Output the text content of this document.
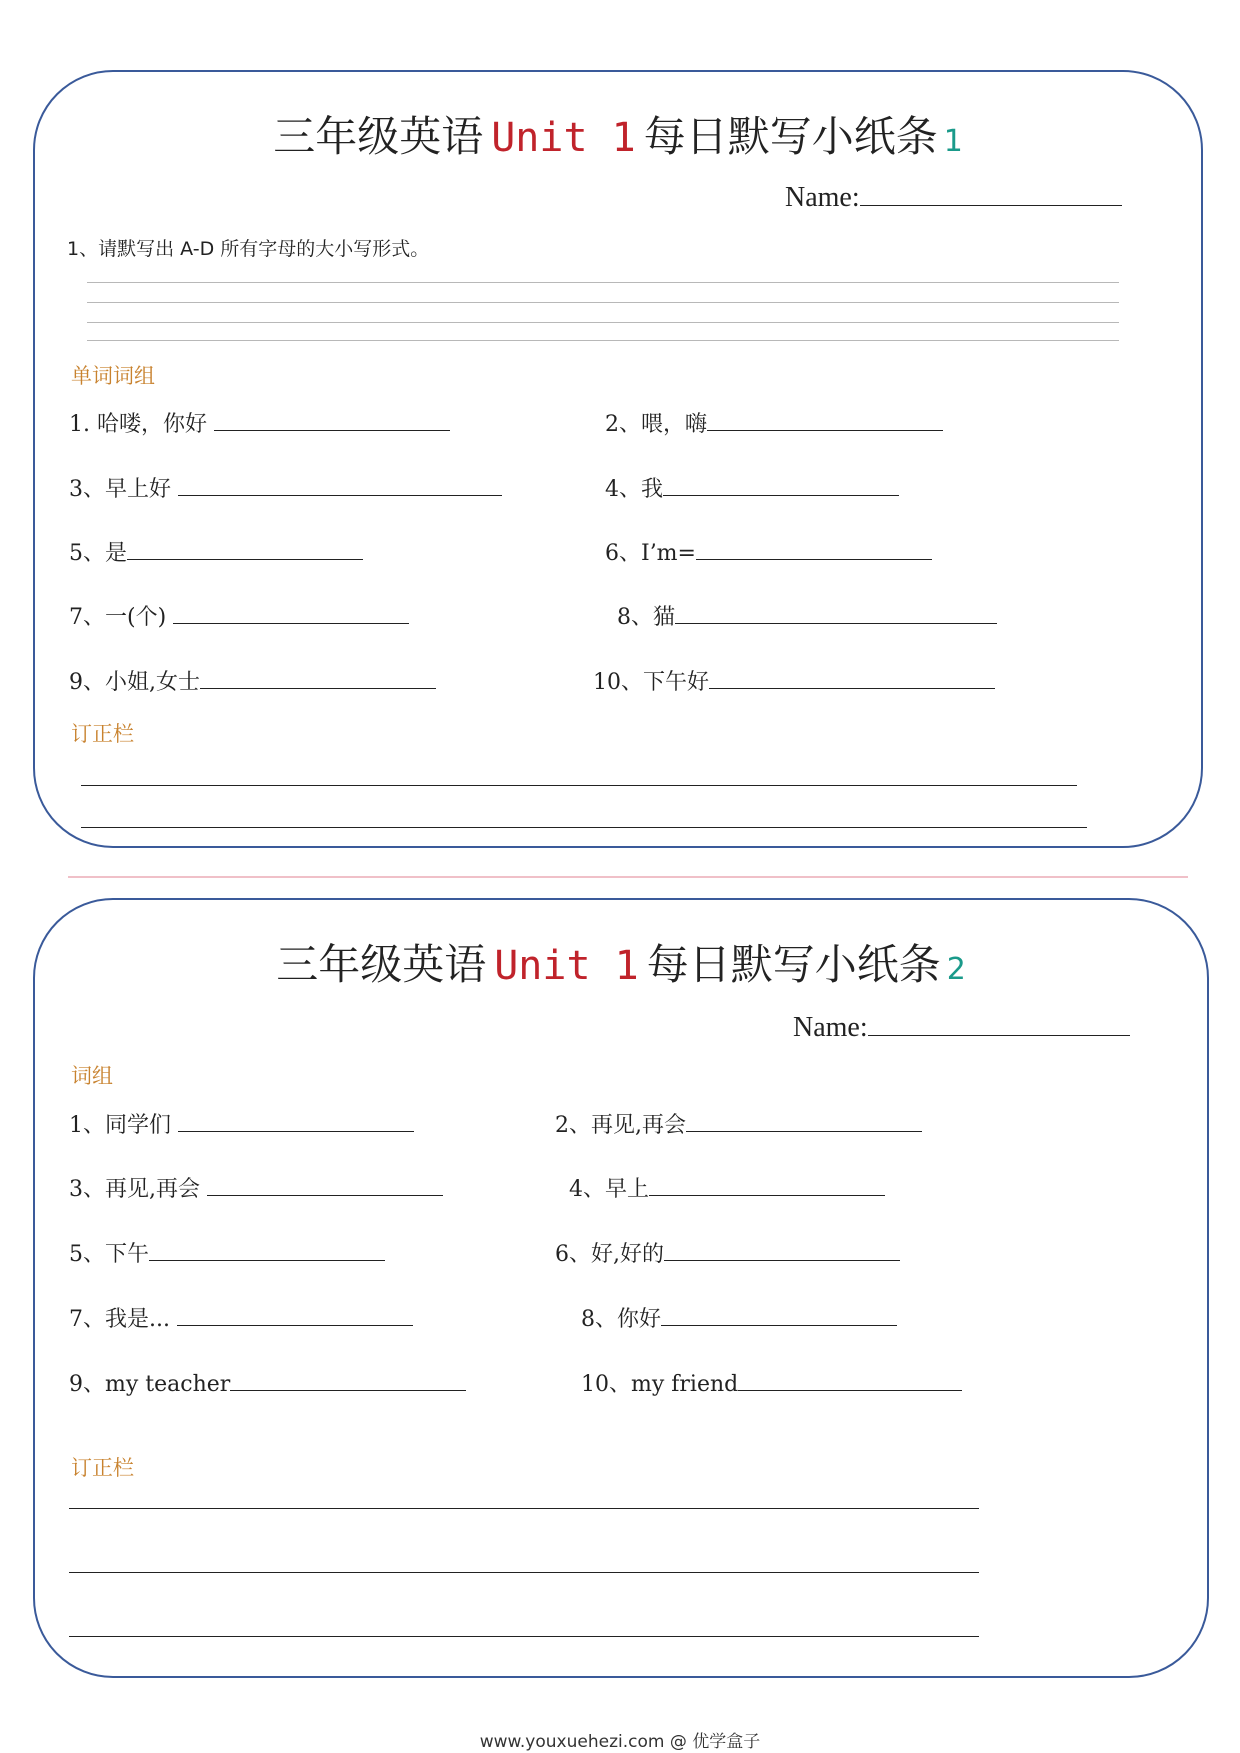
三年级英语 Unit 1 每日默写小纸条 1
Name:
1、请默写出 A-D 所有字母的大小写形式。
单词词组
1. 哈喽，你好	2、喂，嗨
3、早上好	4、我
5、是	6、I’m=
7、一(个)	8、猫
9、小姐,女士	10、下午好
订正栏
三年级英语 Unit 1 每日默写小纸条 2
Name:
词组
1、同学们	2、再见,再会
3、再见,再会	4、早上
5、下午	6、好,好的
7、我是...	8、你好
9、my teacher	10、my friend
订正栏
www.youxuehezi.com @ 优学盒子
